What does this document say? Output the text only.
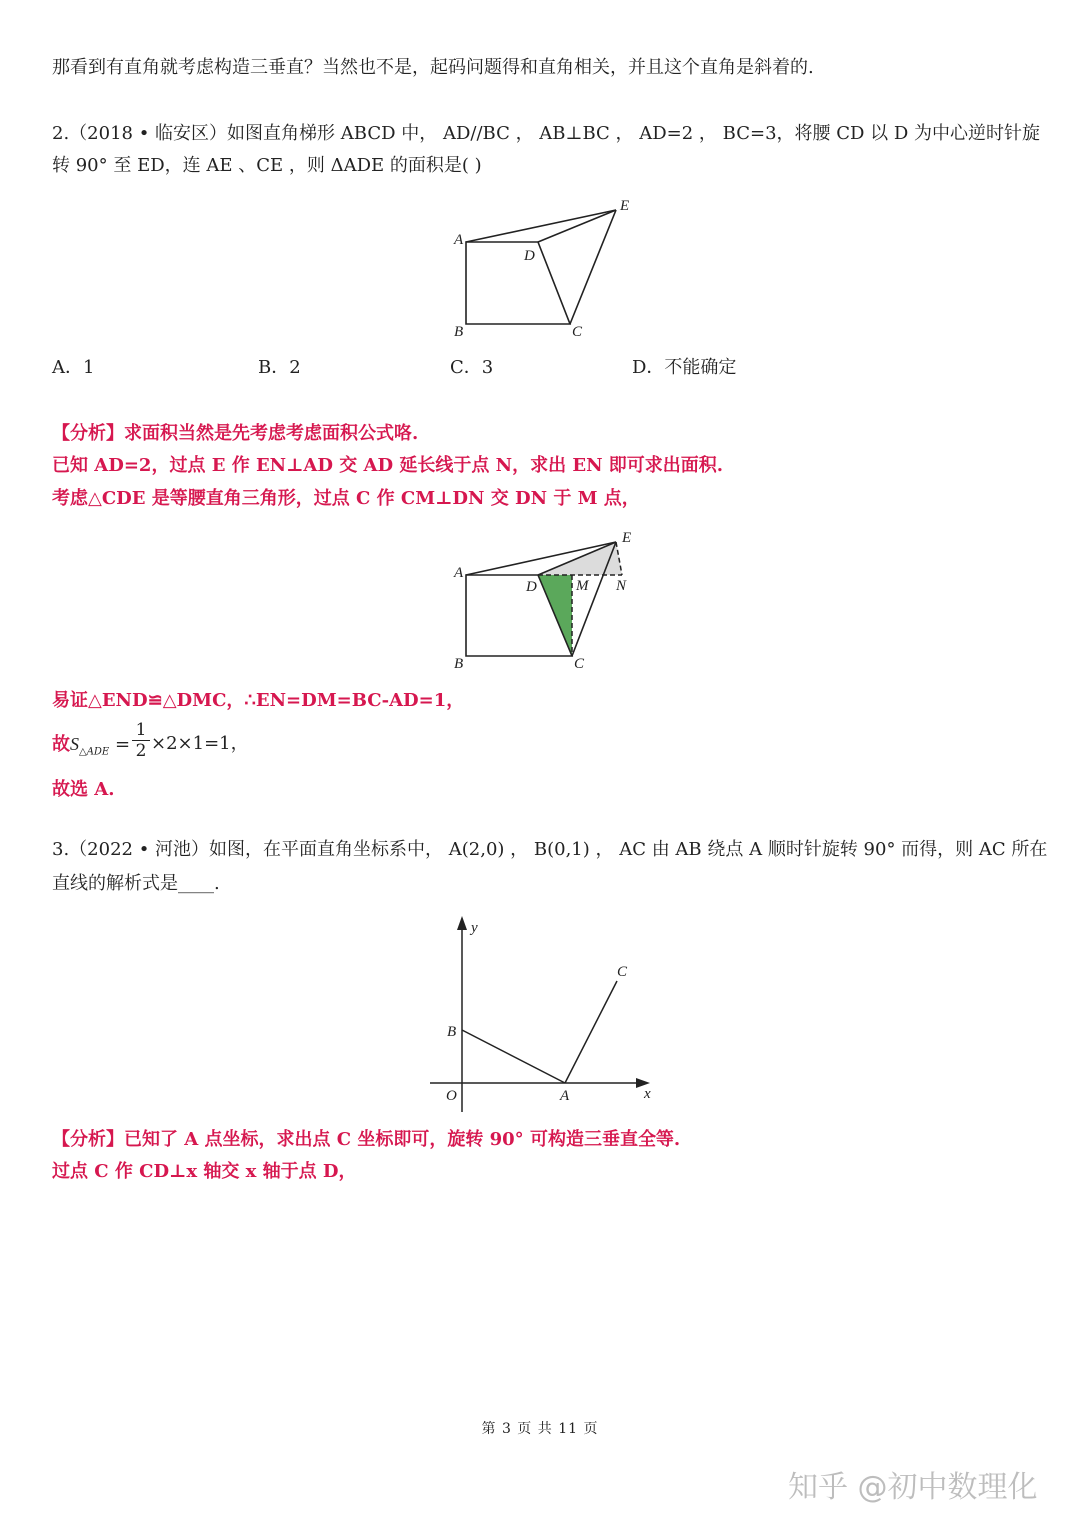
那看到有直角就考虑构造三垂直？当然也不是，起码问题得和直角相关，并且这个直角是斜着的.
2.（2018 • 临安区）如图直角梯形 ABCD 中， AD//BC ， AB⊥BC ， AD=2 ， BC=3，将腰 CD 以 D 为中心逆时针旋
转 90° 至 ED，连 AE 、CE ，则 ΔADE 的面积是( )
A
B	C
D
E
A．1	B．2	C．3	D．不能确定
【分析】求面积当然是先考虑考虑面积公式咯.
已知 AD=2，过点 E 作 EN⊥AD 交 AD 延长线于点 N，求出 EN 即可求出面积.
考虑△CDE 是等腰直角三角形，过点 C 作 CM⊥DN 交 DN 于 M 点，
A
B	C
D
E
M N
易证△END≌△DMC，∴EN=DM=BC-AD=1，
故$S_{\triangle ADE}$ =
1
2 ×2×1=1，
故选 A.
3.（2022 • 河池）如图，在平面直角坐标系中， A(2,0) ， B(0,1) ， AC 由 AB 绕点 A 顺时针旋转 90° 而得，则 AC 所在
直线的解析式是____.
y
x
O	A
B
C
【分析】已知了 A 点坐标，求出点 C 坐标即可，旋转 90° 可构造三垂直全等.
过点 C 作 CD⊥x 轴交 x 轴于点 D，
第 3 页 共 11 页
知乎 @初中数理化
